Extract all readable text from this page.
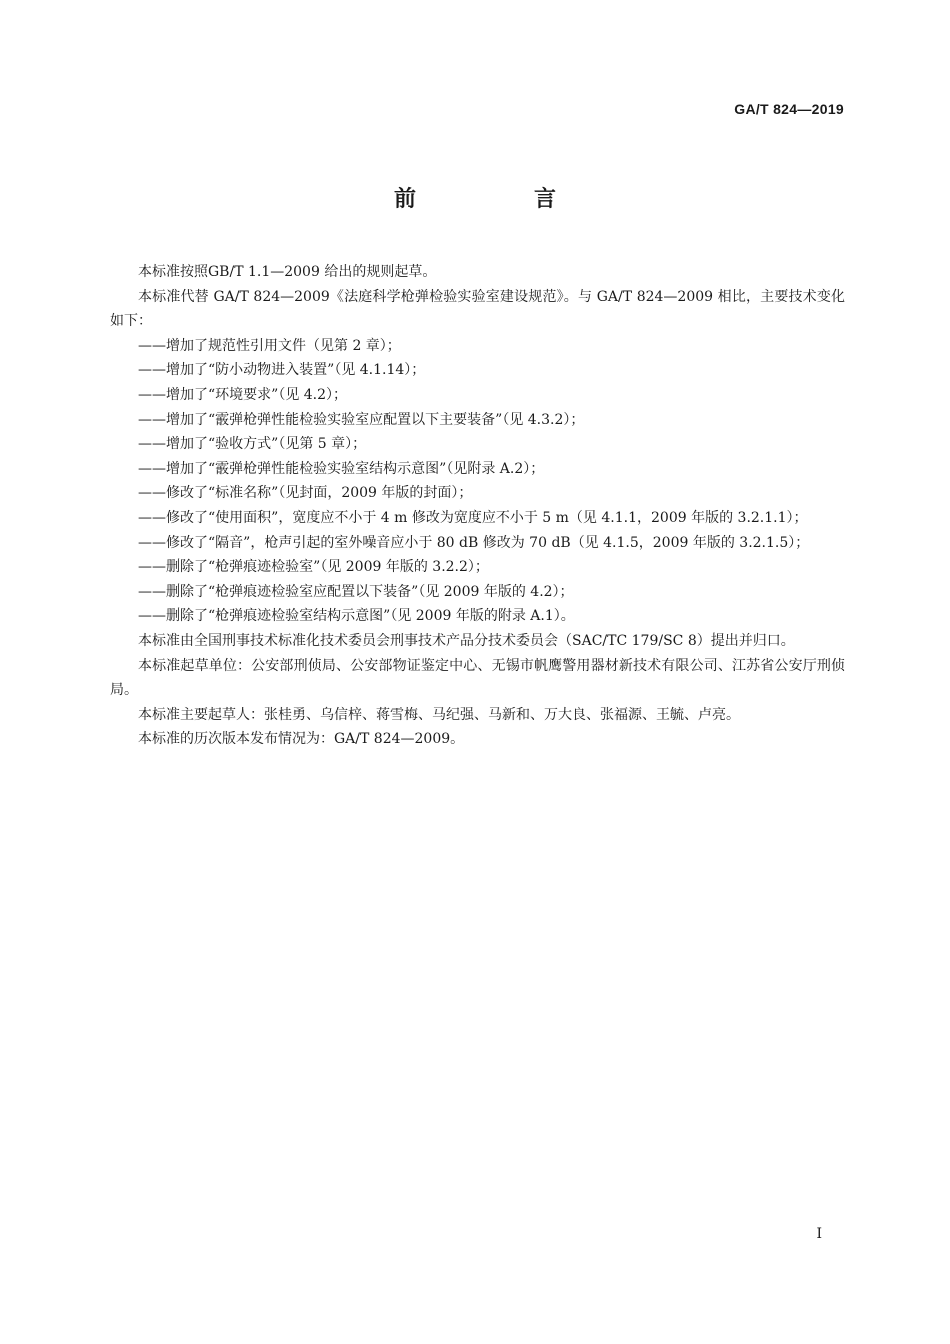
GA/T 824—2019
前　言

本标准按照GB/T 1.1—2009 给出的规则起草。

本标准代替 GA/T 824—2009《法庭科学枪弹检验实验室建设规范》。与 GA/T 824—2009 相比，主要技术变化如下：

——增加了规范性引用文件（见第 2 章）；

——增加了“防小动物进入装置”（见 4.1.14）；

——增加了“环境要求”（见 4.2）；

——增加了“霰弹枪弹性能检验实验室应配置以下主要装备”（见 4.3.2）；

——增加了“验收方式”（见第 5 章）；

——增加了“霰弹枪弹性能检验实验室结构示意图”（见附录 A.2）；

——修改了“标准名称”（见封面，2009 年版的封面）；

——修改了“使用面积”，宽度应不小于 4 m 修改为宽度应不小于 5 m（见 4.1.1，2009 年版的 3.2.1.1）；

——修改了“隔音”，枪声引起的室外噪音应小于 80 dB 修改为 70 dB（见 4.1.5，2009 年版的 3.2.1.5）；

——删除了“枪弹痕迹检验室”（见 2009 年版的 3.2.2）；

——删除了“枪弹痕迹检验室应配置以下装备”（见 2009 年版的 4.2）；

——删除了“枪弹痕迹检验室结构示意图”（见 2009 年版的附录 A.1）。

本标准由全国刑事技术标准化技术委员会刑事技术产品分技术委员会（SAC/TC 179/SC 8）提出并归口。

本标准起草单位：公安部刑侦局、公安部物证鉴定中心、无锡市帆鹰警用器材新技术有限公司、江苏省公安厅刑侦局。

本标准主要起草人：张桂勇、乌信梓、蒋雪梅、马纪强、马新和、万大良、张福源、王毓、卢亮。

本标准的历次版本发布情况为：GA/T 824—2009。

I
